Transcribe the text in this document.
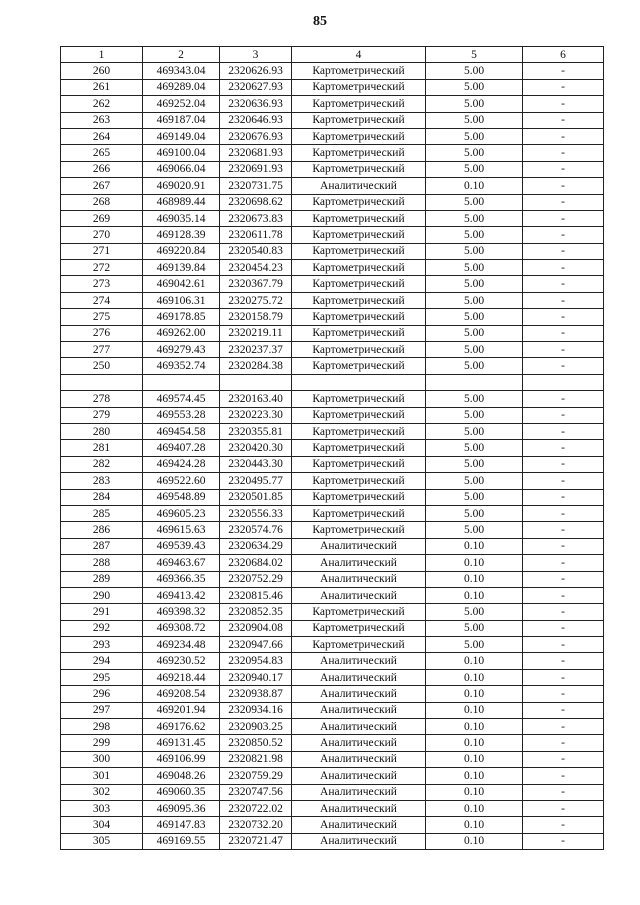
85
1	2	3	4	5	6
260	469343.04	2320626.93	Картометрический	5.00	-
261	469289.04	2320627.93	Картометрический	5.00	-
262	469252.04	2320636.93	Картометрический	5.00	-
263	469187.04	2320646.93	Картометрический	5.00	-
264	469149.04	2320676.93	Картометрический	5.00	-
265	469100.04	2320681.93	Картометрический	5.00	-
266	469066.04	2320691.93	Картометрический	5.00	-
267	469020.91	2320731.75	Аналитический	0.10	-
268	468989.44	2320698.62	Картометрический	5.00	-
269	469035.14	2320673.83	Картометрический	5.00	-
270	469128.39	2320611.78	Картометрический	5.00	-
271	469220.84	2320540.83	Картометрический	5.00	-
272	469139.84	2320454.23	Картометрический	5.00	-
273	469042.61	2320367.79	Картометрический	5.00	-
274	469106.31	2320275.72	Картометрический	5.00	-
275	469178.85	2320158.79	Картометрический	5.00	-
276	469262.00	2320219.11	Картометрический	5.00	-
277	469279.43	2320237.37	Картометрический	5.00	-
250	469352.74	2320284.38	Картометрический	5.00	-

278	469574.45	2320163.40	Картометрический	5.00	-
279	469553.28	2320223.30	Картометрический	5.00	-
280	469454.58	2320355.81	Картометрический	5.00	-
281	469407.28	2320420.30	Картометрический	5.00	-
282	469424.28	2320443.30	Картометрический	5.00	-
283	469522.60	2320495.77	Картометрический	5.00	-
284	469548.89	2320501.85	Картометрический	5.00	-
285	469605.23	2320556.33	Картометрический	5.00	-
286	469615.63	2320574.76	Картометрический	5.00	-
287	469539.43	2320634.29	Аналитический	0.10	-
288	469463.67	2320684.02	Аналитический	0.10	-
289	469366.35	2320752.29	Аналитический	0.10	-
290	469413.42	2320815.46	Аналитический	0.10	-
291	469398.32	2320852.35	Картометрический	5.00	-
292	469308.72	2320904.08	Картометрический	5.00	-
293	469234.48	2320947.66	Картометрический	5.00	-
294	469230.52	2320954.83	Аналитический	0.10	-
295	469218.44	2320940.17	Аналитический	0.10	-
296	469208.54	2320938.87	Аналитический	0.10	-
297	469201.94	2320934.16	Аналитический	0.10	-
298	469176.62	2320903.25	Аналитический	0.10	-
299	469131.45	2320850.52	Аналитический	0.10	-
300	469106.99	2320821.98	Аналитический	0.10	-
301	469048.26	2320759.29	Аналитический	0.10	-
302	469060.35	2320747.56	Аналитический	0.10	-
303	469095.36	2320722.02	Аналитический	0.10	-
304	469147.83	2320732.20	Аналитический	0.10	-
305	469169.55	2320721.47	Аналитический	0.10	-
